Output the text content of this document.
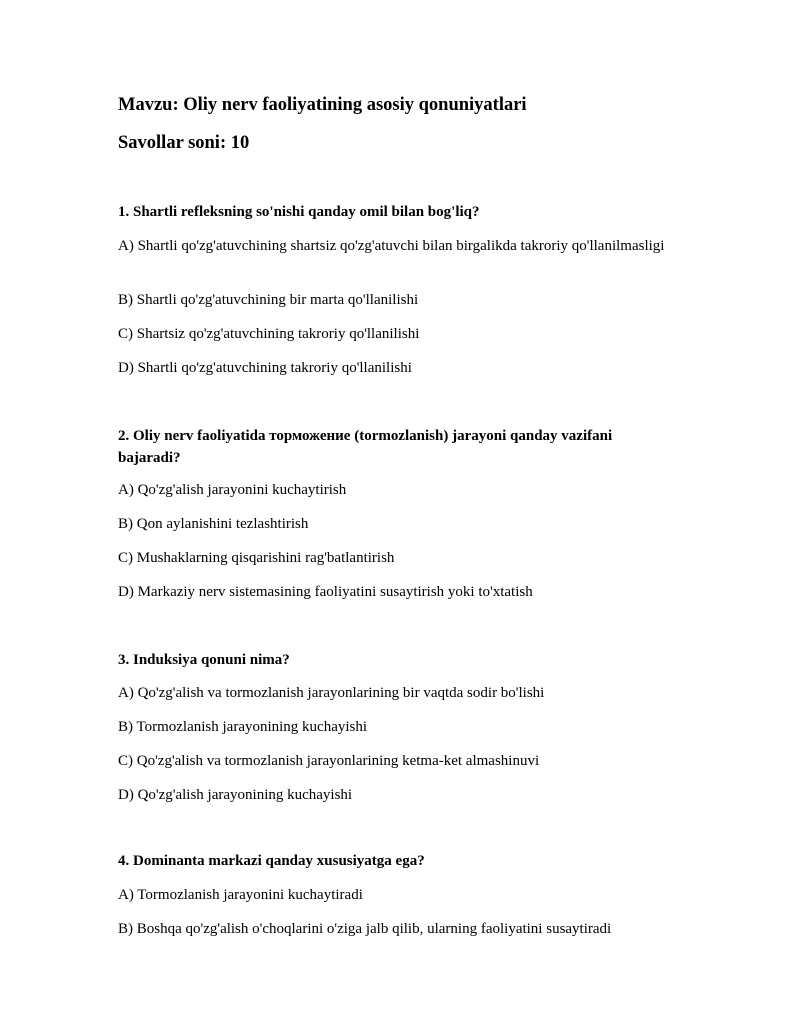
Mavzu: Oliy nerv faoliyatining asosiy qonuniyatlari
Savollar soni: 10

1. Shartli refleksning so'nishi qanday omil bilan bog'liq?

A) Shartli qo'zg'atuvchining shartsiz qo'zg'atuvchi bilan birgalikda takroriy qo'llanilmasligi

B) Shartli qo'zg'atuvchining bir marta qo'llanilishi

C) Shartsiz qo'zg'atuvchining takroriy qo'llanilishi

D) Shartli qo'zg'atuvchining takroriy qo'llanilishi

2. Oliy nerv faoliyatida торможение (tormozlanish) jarayoni qanday vazifani bajaradi?

A) Qo'zg'alish jarayonini kuchaytirish

B) Qon aylanishini tezlashtirish

C) Mushaklarning qisqarishini rag'batlantirish

D) Markaziy nerv sistemasining faoliyatini susaytirish yoki to'xtatish

3. Induksiya qonuni nima?

A) Qo'zg'alish va tormozlanish jarayonlarining bir vaqtda sodir bo'lishi

B) Tormozlanish jarayonining kuchayishi

C) Qo'zg'alish va tormozlanish jarayonlarining ketma-ket almashinuvi

D) Qo'zg'alish jarayonining kuchayishi

4. Dominanta markazi qanday xususiyatga ega?

A) Tormozlanish jarayonini kuchaytiradi

B) Boshqa qo'zg'alish o'choqlarini o'ziga jalb qilib, ularning faoliyatini susaytiradi
